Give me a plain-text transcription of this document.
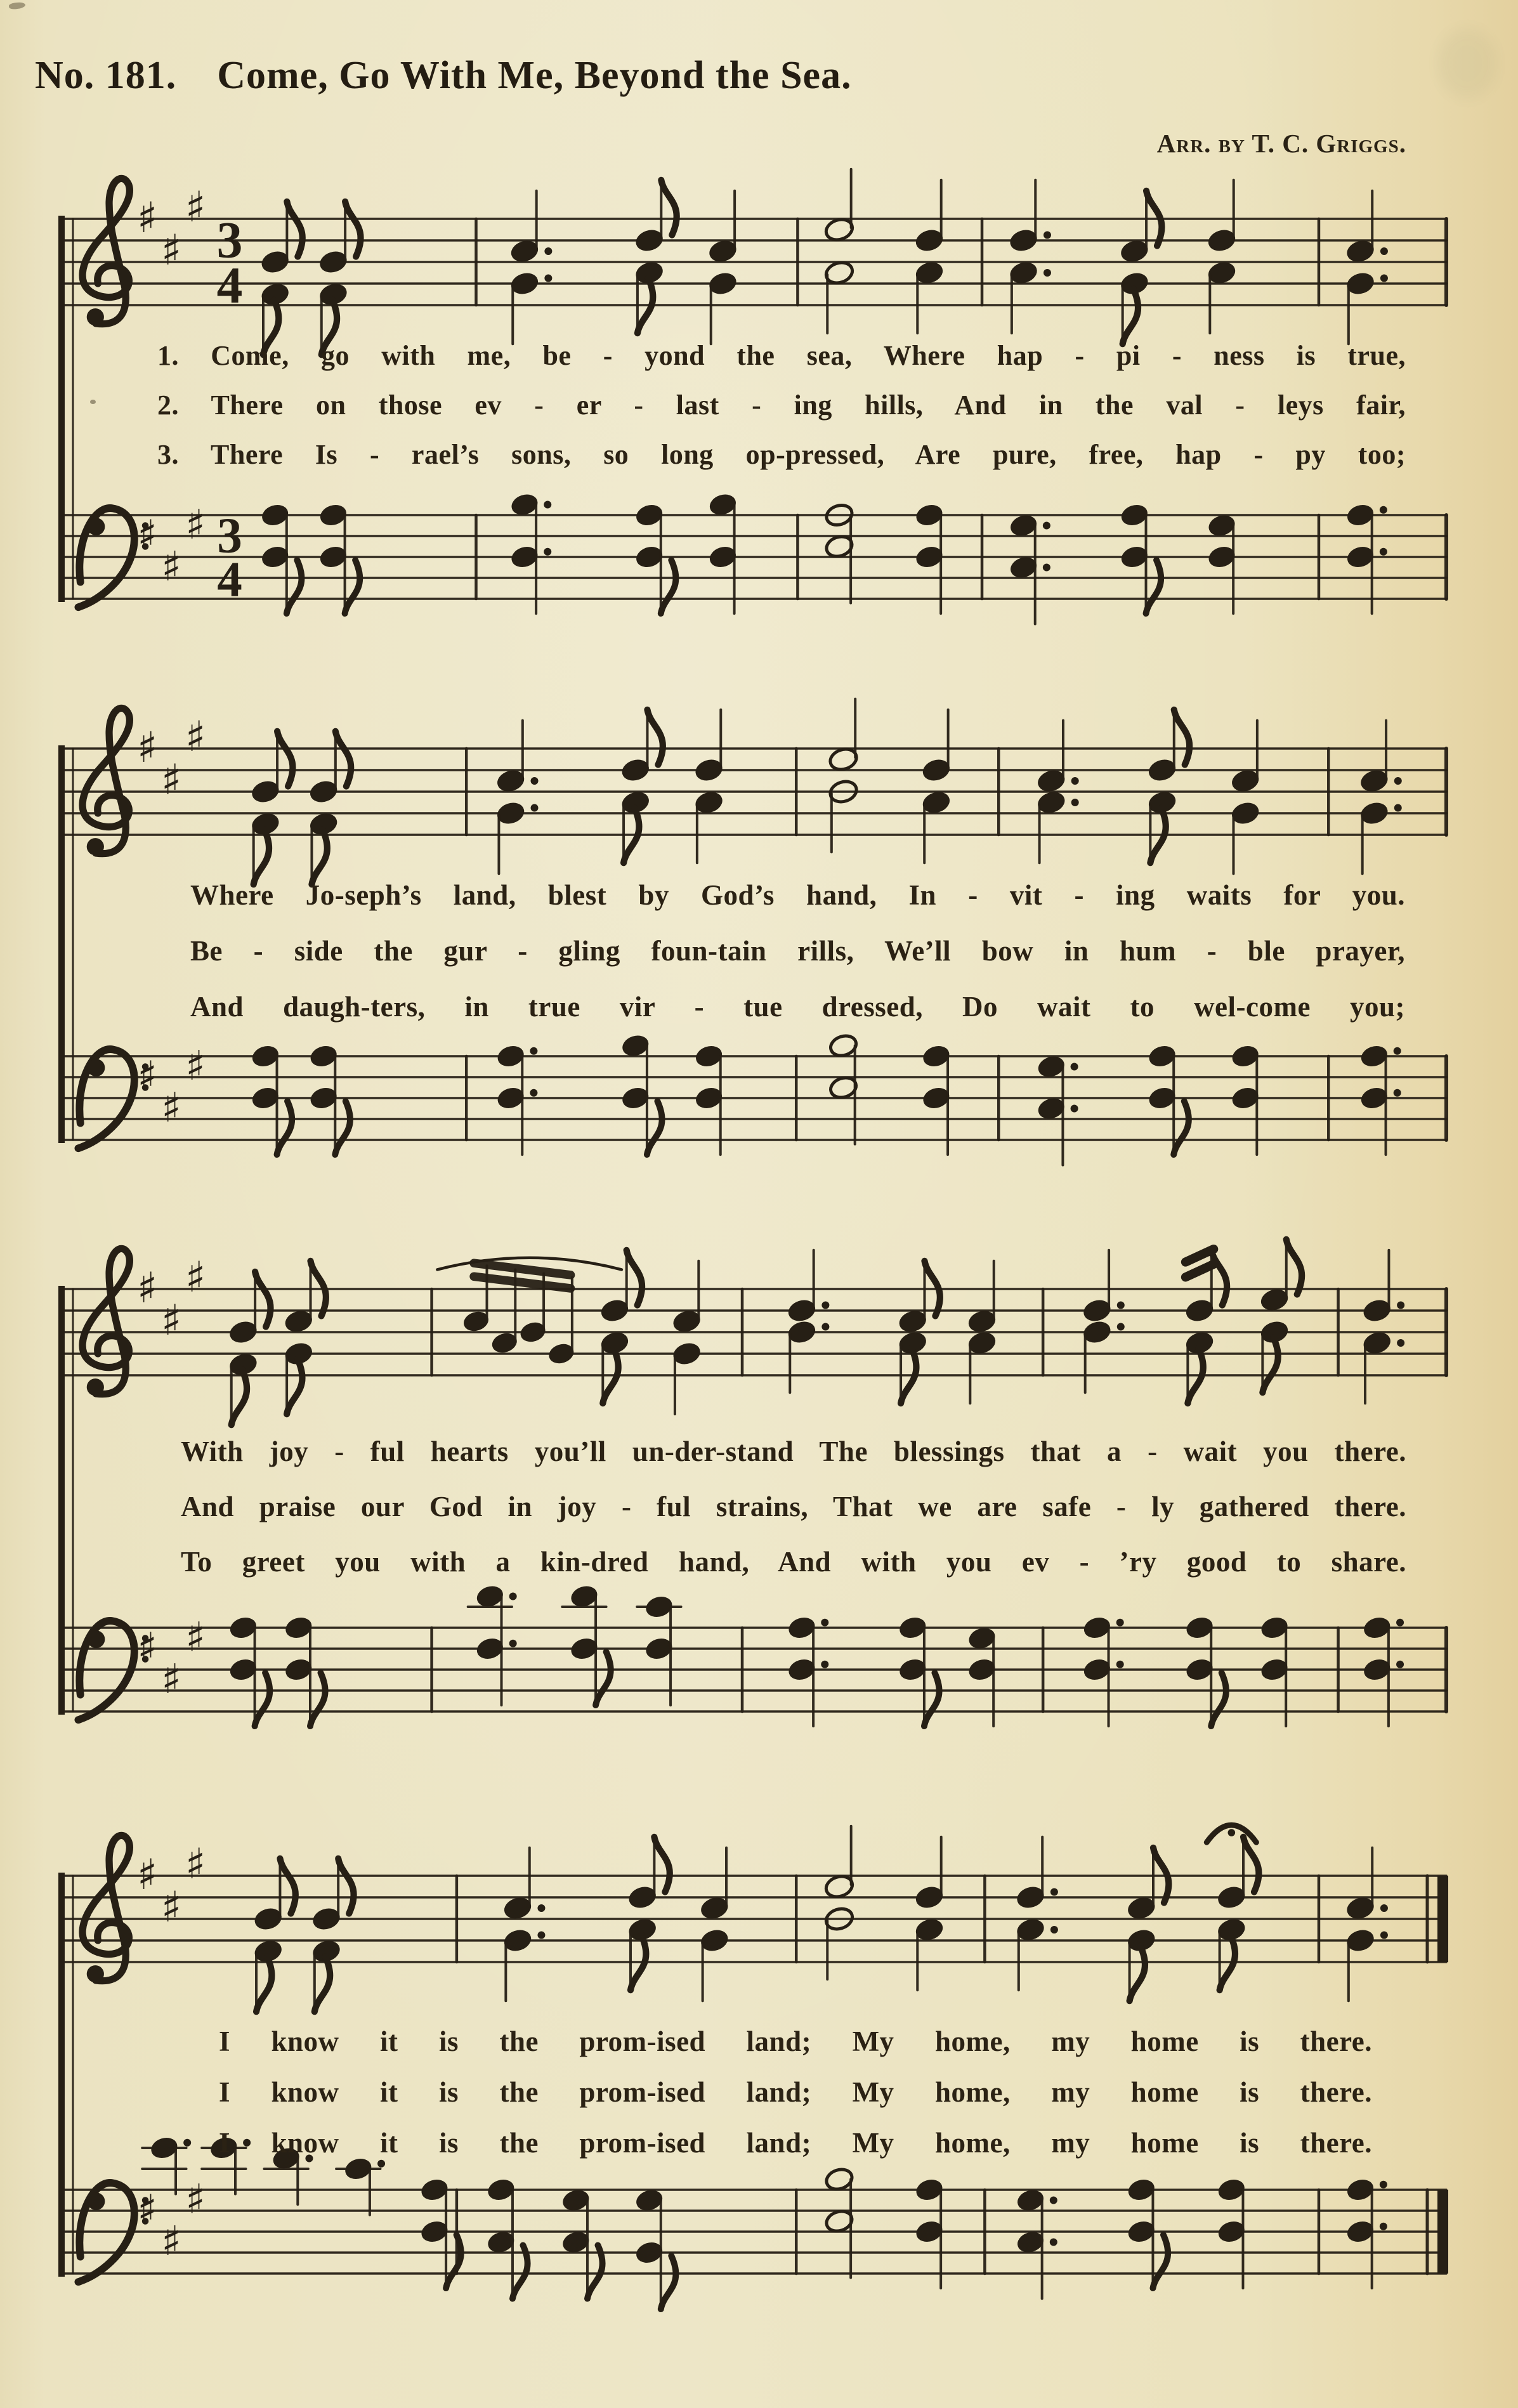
No. 181. Come, Go With Me, Beyond the Sea.
Arr. by T. C. Griggs.
♯
♯
♯
♯
♯
♯
3
4
3
4
♯
♯
♯
♯
♯
♯
♯
♯
♯
♯
♯
♯
♯
♯
♯
♯
♯
♯
1. Come, go with me, be - yond the sea, Where hap - pi - ness is true,
2. There on those ev - er - last - ing hills, And in the val - leys fair,
3. There Is - rael’s sons, so long op-pressed, Are pure, free, hap - py too;
Where Jo-seph’s land, blest by God’s hand, In - vit - ing waits for you.
Be - side the gur - gling foun-tain rills, We’ll bow in hum - ble prayer,
And daugh-ters, in true vir - tue dressed, Do wait to wel-come you;
With joy - ful hearts you’ll un-der-stand The blessings that a - wait you there.
And praise our God in joy - ful strains, That we are safe - ly gathered there.
To greet you with a kin-dred hand, And with you ev - ’ry good to share.
I know it is the prom-ised land; My home, my home is there.
I know it is the prom-ised land; My home, my home is there.
I know it is the prom-ised land; My home, my home is there.
